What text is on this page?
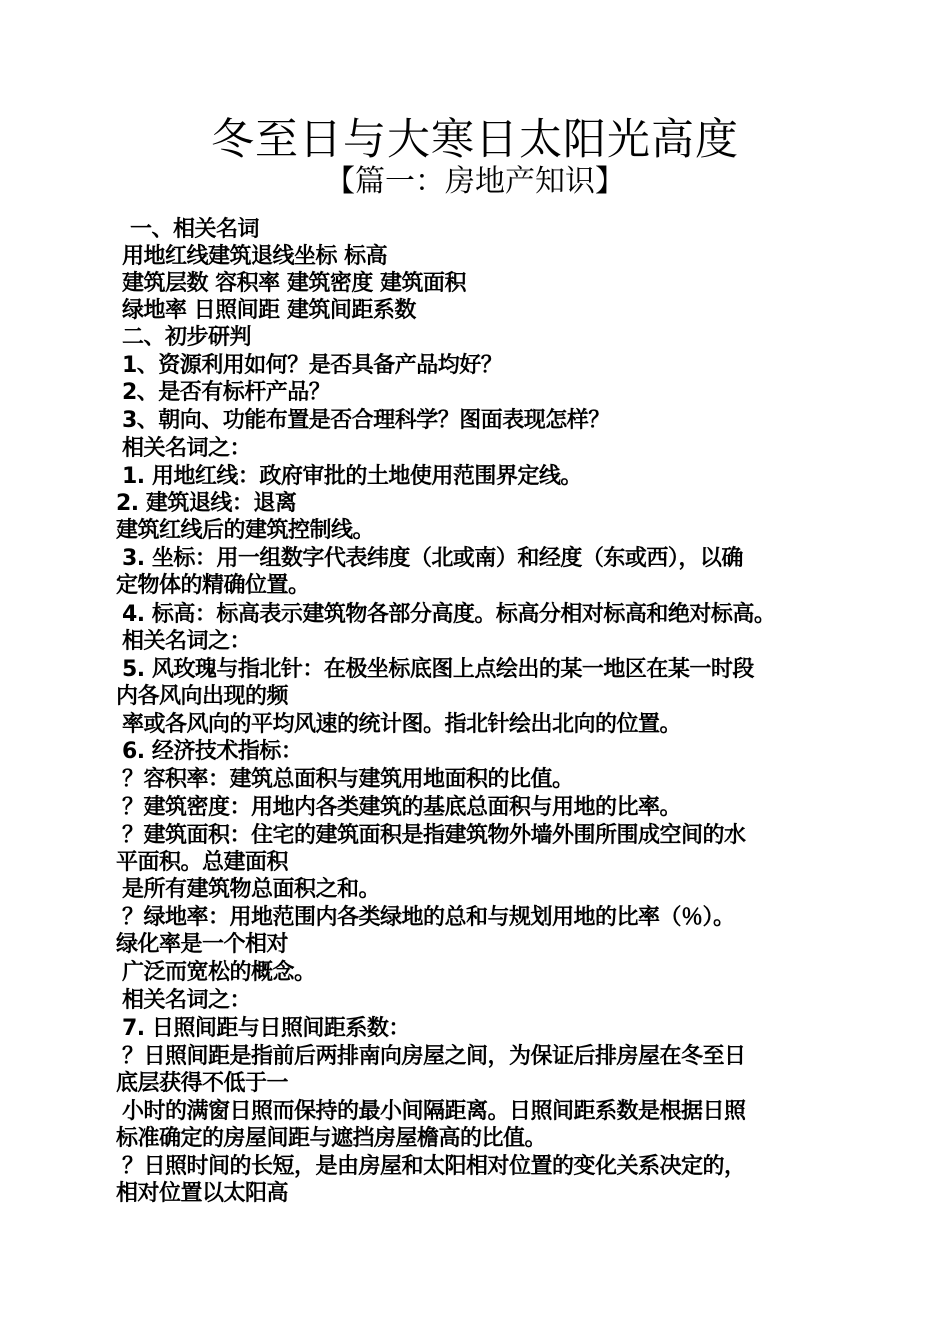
冬至日与大寒日太阳光高度
【篇一：房地产知识】
一、相关名词
用地红线建筑退线坐标 标高
建筑层数 容积率 建筑密度 建筑面积
绿地率 日照间距 建筑间距系数
二、初步研判
1、资源利用如何？是否具备产品均好？
2、是否有标杆产品？
3、朝向、功能布置是否合理科学？图面表现怎样？
相关名词之：
1. 用地红线：政府审批的土地使用范围界定线。
2. 建筑退线：退离
建筑红线后的建筑控制线。
3. 坐标：用一组数字代表纬度（北或南）和经度（东或西），以确
定物体的精确位置。
4. 标高：标高表示建筑物各部分高度。标高分相对标高和绝对标高。
相关名词之：
5. 风玫瑰与指北针：在极坐标底图上点绘出的某一地区在某一时段
内各风向出现的频
率或各风向的平均风速的统计图。指北针绘出北向的位置。
6. 经济技术指标：
？容积率：建筑总面积与建筑用地面积的比值。
？建筑密度：用地内各类建筑的基底总面积与用地的比率。
？建筑面积：住宅的建筑面积是指建筑物外墙外围所围成空间的水
平面积。总建面积
是所有建筑物总面积之和。
？绿地率：用地范围内各类绿地的总和与规划用地的比率（％）。
绿化率是一个相对
广泛而宽松的概念。
相关名词之：
7. 日照间距与日照间距系数：
？日照间距是指前后两排南向房屋之间，为保证后排房屋在冬至日
底层获得不低于一
小时的满窗日照而保持的最小间隔距离。日照间距系数是根据日照
标准确定的房屋间距与遮挡房屋檐高的比值。
？日照时间的长短，是由房屋和太阳相对位置的变化关系决定的，
相对位置以太阳高
